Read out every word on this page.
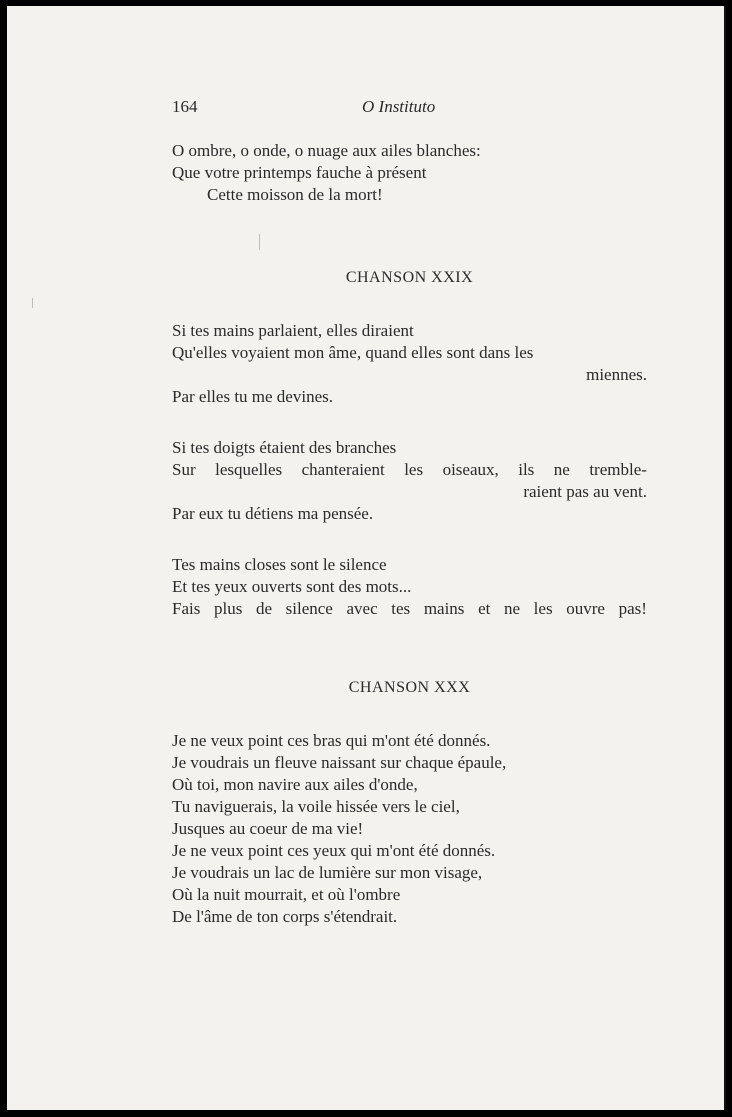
164	O Instituto
O ombre, o onde, o nuage aux ailes blanches:
Que votre printemps fauche à présent
Cette moisson de la mort!
CHANSON XXIX
Si tes mains parlaient, elles diraient
Qu'elles voyaient mon âme, quand elles sont dans les
miennes.
Par elles tu me devines.
Si tes doigts étaient des branches
Sur lesquelles chanteraient les oiseaux, ils ne tremble-
raient pas au vent.
Par eux tu détiens ma pensée.
Tes mains closes sont le silence
Et tes yeux ouverts sont des mots...
Fais plus de silence avec tes mains et ne les ouvre pas!
CHANSON XXX
Je ne veux point ces bras qui m'ont été donnés.
Je voudrais un fleuve naissant sur chaque épaule,
Où toi, mon navire aux ailes d'onde,
Tu naviguerais, la voile hissée vers le ciel,
Jusques au coeur de ma vie!
Je ne veux point ces yeux qui m'ont été donnés.
Je voudrais un lac de lumière sur mon visage,
Où la nuit mourrait, et où l'ombre
De l'âme de ton corps s'étendrait.
